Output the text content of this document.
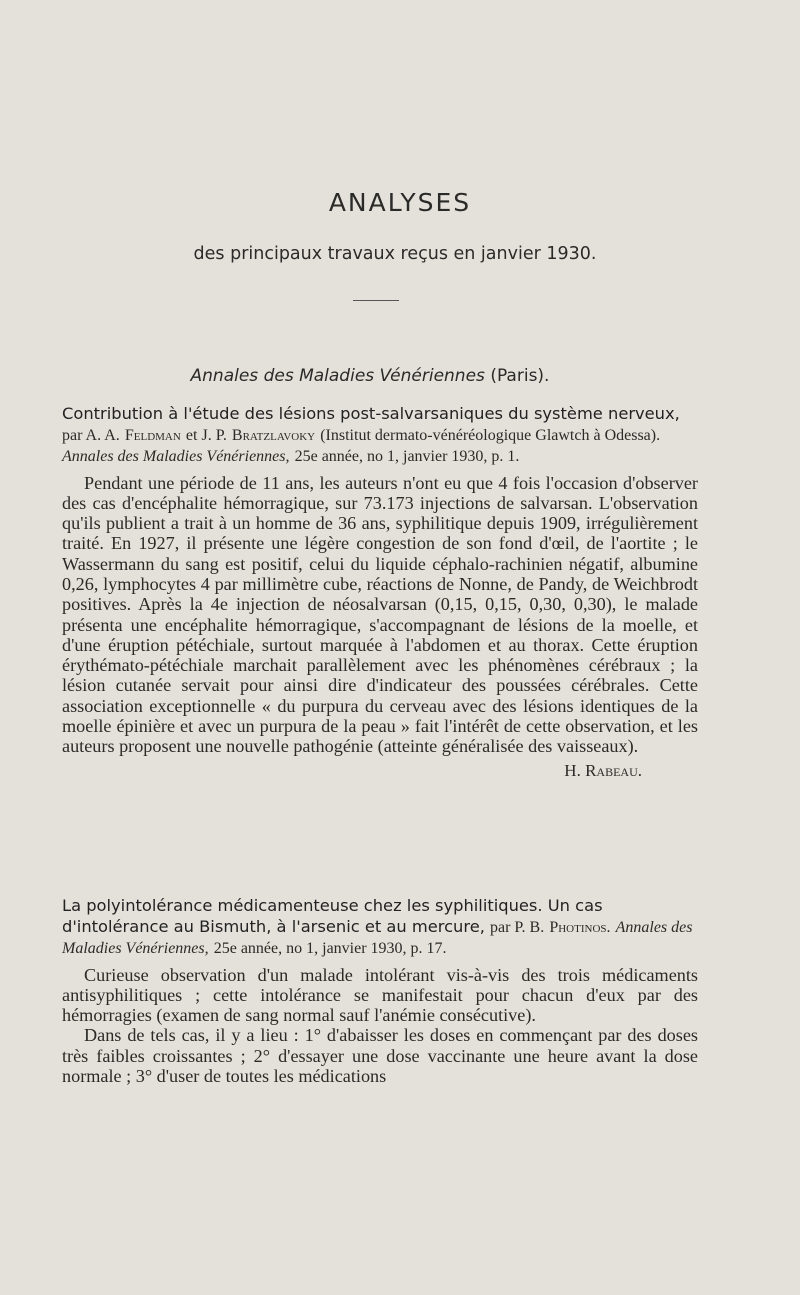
ANALYSES
des principaux travaux reçus en janvier 1930.
Annales des Maladies Vénériennes (Paris).
Contribution à l'étude des lésions post-salvarsaniques du système nerveux, par A. A. Feldman et J. P. Bratzlavoky (Institut dermato-vénéréologique Glawtch à Odessa). Annales des Maladies Vénériennes, 25e année, no 1, janvier 1930, p. 1.
Pendant une période de 11 ans, les auteurs n'ont eu que 4 fois l'occasion d'observer des cas d'encéphalite hémorragique, sur 73.173 injections de salvarsan. L'observation qu'ils publient a trait à un homme de 36 ans, syphilitique depuis 1909, irrégulièrement traité. En 1927, il présente une légère congestion de son fond d'œil, de l'aortite ; le Wassermann du sang est positif, celui du liquide céphalo-rachinien négatif, albumine 0,26, lymphocytes 4 par millimètre cube, réactions de Nonne, de Pandy, de Weichbrodt positives. Après la 4e injection de néosalvarsan (0,15, 0,15, 0,30, 0,30), le malade présenta une encéphalite hémorragique, s'accompagnant de lésions de la moelle, et d'une éruption pétéchiale, surtout marquée à l'abdomen et au thorax. Cette éruption érythémato-pétéchiale marchait parallèlement avec les phénomènes cérébraux ; la lésion cutanée servait pour ainsi dire d'indicateur des poussées cérébrales. Cette association exceptionnelle « du purpura du cerveau avec des lésions identiques de la moelle épinière et avec un purpura de la peau » fait l'intérêt de cette observation, et les auteurs proposent une nouvelle pathogénie (atteinte généralisée des vaisseaux).
H. Rabeau.
La polyintolérance médicamenteuse chez les syphilitiques. Un cas d'intolérance au Bismuth, à l'arsenic et au mercure, par P. B. Photinos. Annales des Maladies Vénériennes, 25e année, no 1, janvier 1930, p. 17.
Curieuse observation d'un malade intolérant vis-à-vis des trois médicaments antisyphilitiques ; cette intolérance se manifestait pour chacun d'eux par des hémorragies (examen de sang normal sauf l'anémie consécutive).
Dans de tels cas, il y a lieu : 1° d'abaisser les doses en commençant par des doses très faibles croissantes ; 2° d'essayer une dose vaccinante une heure avant la dose normale ; 3° d'user de toutes les médications
